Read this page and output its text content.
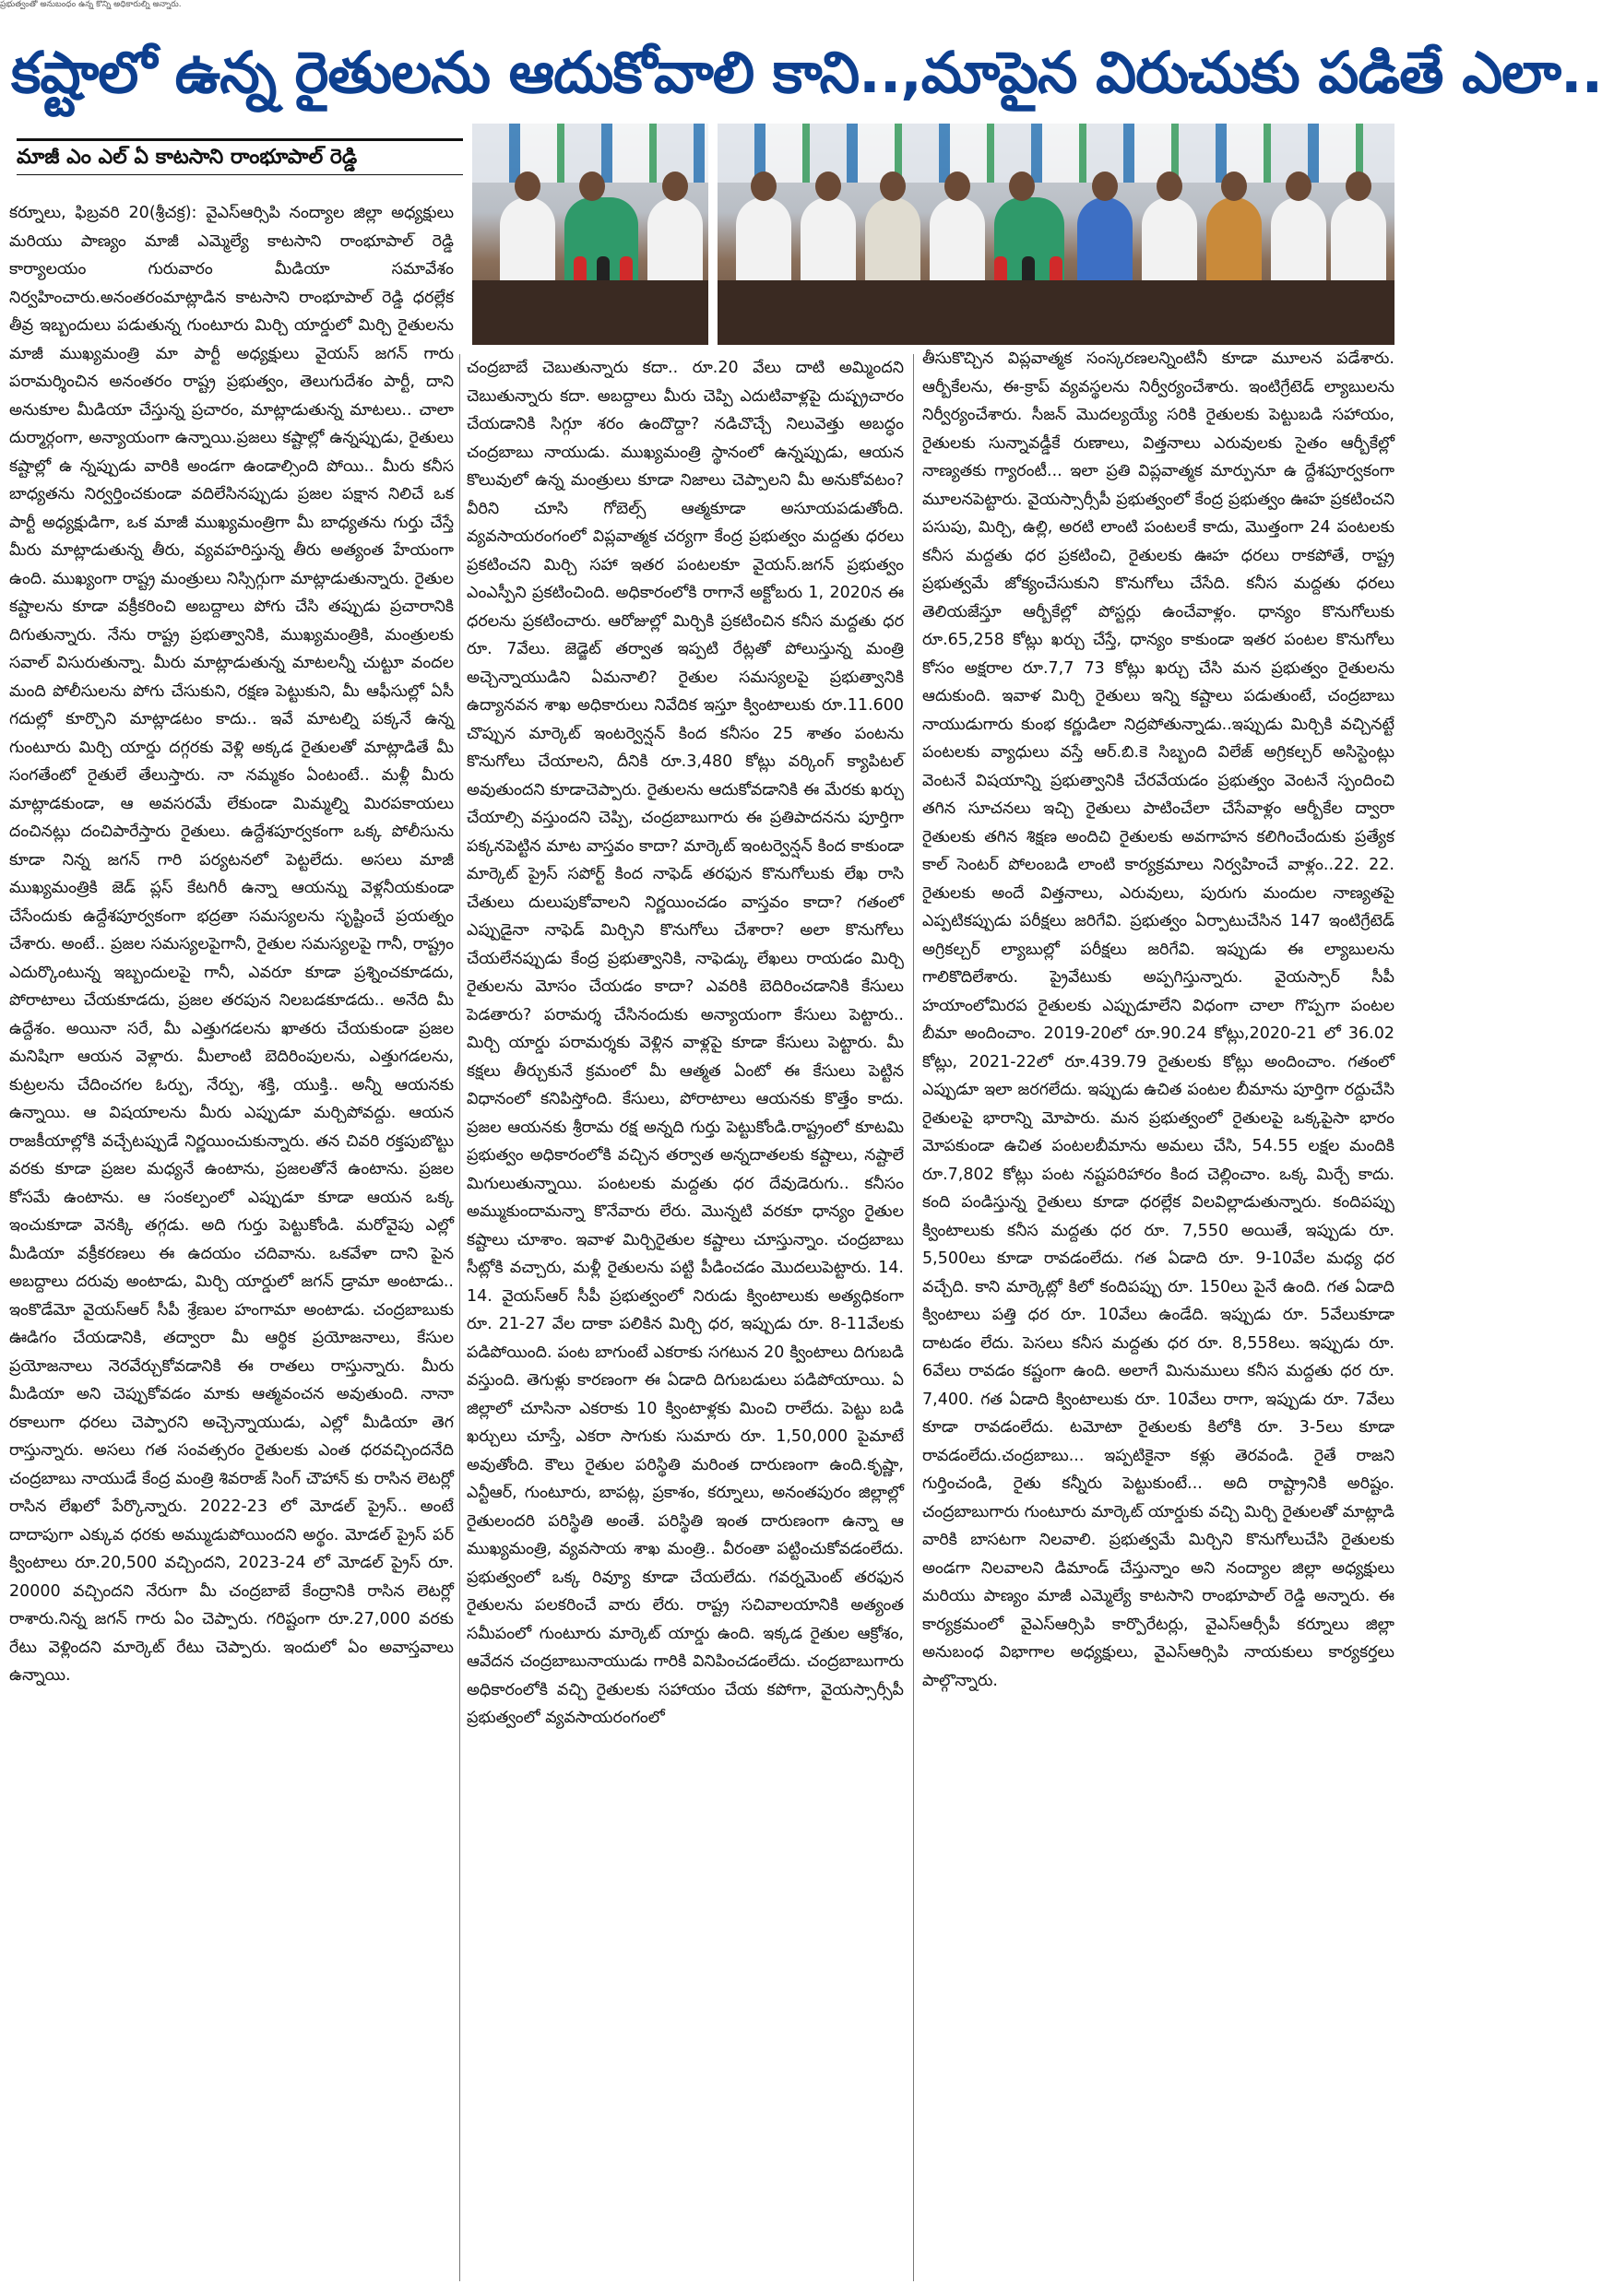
ప్రభుత్వంతో అనుబంధం ఉన్న కొన్ని అధికారుల్ని అన్నారు.
కష్టాలో ఉన్న రైతులను ఆదుకోవాలి కాని..,మాపైన విరుచుకు పడితే ఎలా..
మాజీ ఎం ఎల్ ఏ కాటసాని రాంభూపాల్ రెడ్డి

కర్నూలు, ఫిబ్రవరి 20(శ్రీచక్ర): వైఎస్ఆర్సిపి నంద్యాల జిల్లా అధ్యక్షులు మరియు పాణ్యం మాజీ ఎమ్మెల్యే కాటసాని రాంభూపాల్ రెడ్డి కార్యాలయం గురువారం మీడియా సమావేశం నిర్వహించారు.అనంతరంమాట్లాడిన కాటసాని రాంభూపాల్ రెడ్డి ధరల్లేక తీవ్ర ఇబ్బందులు పడుతున్న గుంటూరు మిర్చి యార్డులో మిర్చి రైతులను మాజీ ముఖ్యమంత్రి మా పార్టీ అధ్యక్షులు వైయస్ జగన్ గారు పరామర్శించిన అనంతరం రాష్ట్ర ప్రభుత్వం, తెలుగుదేశం పార్టీ, దాని అనుకూల మీడియా చేస్తున్న ప్రచారం, మాట్లాడుతున్న మాటలు.. చాలా దుర్మార్గంగా, అన్యాయంగా ఉన్నాయి.ప్రజలు కష్టాల్లో ఉన్నప్పుడు, రైతులు కష్టాల్లో ఉ న్నప్పుడు వారికి అండగా ఉండాల్సింది పోయి.. మీరు కనీస బాధ్యతను నిర్వర్తించకుండా వదిలేసినప్పుడు ప్రజల పక్షాన నిలిచే ఒక పార్టీ అధ్యక్షుడిగా, ఒక మాజీ ముఖ్యమంత్రిగా మీ బాధ్యతను గుర్తు చేస్తే మీరు మాట్లాడుతున్న తీరు, వ్యవహరిస్తున్న తీరు అత్యంత హేయంగా ఉంది. ముఖ్యంగా రాష్ట్ర మంత్రులు నిస్సిగ్గుగా మాట్లాడుతున్నారు. రైతుల కష్టాలను కూడా వక్రీకరించి అబద్దాలు పోగు చేసి తప్పుడు ప్రచారానికి దిగుతున్నారు. నేను రాష్ట్ర ప్రభుత్వానికి, ముఖ్యమంత్రికి, మంత్రులకు సవాల్ విసురుతున్నా. మీరు మాట్లాడుతున్న మాటలన్నీ చుట్టూ వందల మంది పోలీసులను పోగు చేసుకుని, రక్షణ పెట్టుకుని, మీ ఆఫీసుల్లో ఏసీ గదుల్లో కూర్చొని మాట్లాడటం కాదు.. ఇవే మాటల్ని పక్కనే ఉన్న గుంటూరు మిర్చి యార్డు దగ్గరకు వెళ్లి అక్కడ రైతులతో మాట్లాడితే మీ సంగతేంటో రైతులే తేలుస్తారు. నా నమ్మకం ఏంటంటే.. మళ్లీ మీరు మాట్లాడకుండా, ఆ అవసరమే లేకుండా మిమ్మల్ని మిరపకాయలు దంచినట్లు దంచిపారేస్తారు రైతులు. ఉద్దేశపూర్వకంగా ఒక్క పోలీసును కూడా నిన్న జగన్ గారి పర్యటనలో పెట్టలేదు. అసలు మాజీ ముఖ్యమంత్రికి జెడ్ ప్లస్ కేటగిరీ ఉన్నా ఆయన్ను వెళ్లనీయకుండా చేసేందుకు ఉద్దేశపూర్వకంగా భద్రతా సమస్యలను సృష్టించే ప్రయత్నం చేశారు. అంటే.. ప్రజల సమస్యలపైగానీ, రైతుల సమస్యలపై గానీ, రాష్ట్రం ఎదుర్కొంటున్న ఇబ్బందులపై గానీ, ఎవరూ కూడా ప్రశ్నించకూడదు, పోరాటాలు చేయకూడదు, ప్రజల తరపున నిలబడకూడదు.. అనేది మీ ఉద్దేశం. అయినా సరే, మీ ఎత్తుగడలను ఖాతరు చేయకుండా ప్రజల మనిషిగా ఆయన వెళ్లారు. మీలాంటి బెదిరింపులను, ఎత్తుగడలను, కుట్రలను చేదించగల ఓర్పు, నేర్పు, శక్తి, యుక్తి.. అన్నీ ఆయనకు ఉన్నాయి. ఆ విషయాలను మీరు ఎప్పుడూ మర్చిపోవద్దు. ఆయన రాజకీయాల్లోకి వచ్చేటప్పుడే నిర్ణయించుకున్నారు. తన చివరి రక్తపుబొట్టు వరకు కూడా ప్రజల మధ్యనే ఉంటాను, ప్రజలతోనే ఉంటాను. ప్రజల కోసమే ఉంటాను. ఆ సంకల్పంలో ఎప్పుడూ కూడా ఆయన ఒక్క ఇంచుకూడా వెనక్కి తగ్గడు. అది గుర్తు పెట్టుకోండి. మరోవైపు ఎల్లో మీడియా వక్రీకరణలు ఈ ఉదయం చదివాను. ఒకవేళా దాని పైన అబద్దాలు దరువు అంటాడు, మిర్చి యార్డులో జగన్ డ్రామా అంటాడు.. ఇంకొడేమో వైయస్ఆర్ సీపీ శ్రేణుల హంగామా అంటాడు. చంద్రబాబుకు ఊడిగం చేయడానికి, తద్వారా మీ ఆర్థిక ప్రయోజనాలు, కేసుల ప్రయోజనాలు నెరవేర్చుకోవడానికి ఈ రాతలు రాస్తున్నారు. మీరు మీడియా అని చెప్పుకోవడం మాకు ఆత్మవంచన అవుతుంది. నానా రకాలుగా ధరలు చెప్పారని అచ్చెన్నాయుడు, ఎల్లో మీడియా తెగ రాస్తున్నారు. అసలు గత సంవత్సరం రైతులకు ఎంత ధరవచ్చిందనేది చంద్రబాబు నాయుడే కేంద్ర మంత్రి శివరాజ్ సింగ్ చౌహాన్ కు రాసిన లెటర్లో రాసిన లేఖలో పేర్కొన్నారు. 2022-23 లో మోడల్ ప్రైస్.. అంటే దాదాపుగా ఎక్కువ ధరకు అమ్ముడుపోయిందని అర్థం. మోడల్ ప్రైస్ పర్ క్వింటాలు రూ.20,500 వచ్చిందని, 2023-24 లో మోడల్ ప్రైస్ రూ. 20000 వచ్చిందని నేరుగా మీ చంద్రబాబే కేంద్రానికి రాసిన లెటర్లో రాశారు.నిన్న జగన్ గారు ఏం చెప్పారు. గరిష్టంగా రూ.27,000 వరకు రేటు వెళ్లిందని మార్కెట్ రేటు చెప్పారు. ఇందులో ఏం అవాస్తవాలు ఉన్నాయి.

చంద్రబాబే చెబుతున్నారు కదా.. రూ.20 వేలు దాటి అమ్మిందని చెబుతున్నారు కదా. అబద్దాలు మీరు చెప్పి ఎదుటివాళ్లపై దుష్ప్రచారం చేయడానికి సిగ్గూ శరం ఉందొద్దా? నడిచొచ్చే నిలువెత్తు అబద్ధం చంద్రబాబు నాయుడు. ముఖ్యమంత్రి స్థానంలో ఉన్నప్పుడు, ఆయన కొలువులో ఉన్న మంత్రులు కూడా నిజాలు చెప్పాలని మీ అనుకోవటం? వీరిని చూసి గోబెల్స్ ఆత్మకూడా అసూయపడుతోంది. వ్యవసాయరంగంలో విప్లవాత్మక చర్యగా కేంద్ర ప్రభుత్వం మద్దతు ధరలు ప్రకటించని మిర్చి సహా ఇతర పంటలకూ వైయస్.జగన్ ప్రభుత్వం ఎంఎస్పీని ప్రకటించింది. అధికారంలోకి రాగానే అక్టోబరు 1, 2020న ఈ ధరలను ప్రకటించారు. ఆరోజుల్లో మిర్చికి ప్రకటించిన కనీస మద్దతు ధర రూ. 7వేలు. జెడ్జెట్ తర్వాత ఇప్పటి రేట్లతో పోలుస్తున్న మంత్రి అచ్చెన్నాయుడిని ఏమనాలి? రైతుల సమస్యలపై ప్రభుత్వానికి ఉద్యానవన శాఖ అధికారులు నివేదిక ఇస్తూ క్వింటాలుకు రూ.11.600 చొప్పున మార్కెట్ ఇంటర్వెన్షన్ కింద కనీసం 25 శాతం పంటను కొనుగోలు చేయాలని, దీనికి రూ.3,480 కోట్లు వర్కింగ్ క్యాపిటల్ అవుతుందని కూడాచెప్పారు. రైతులను ఆదుకోవడానికి ఈ మేరకు ఖర్చు చేయాల్సి వస్తుందని చెప్పి, చంద్రబాబుగారు ఈ ప్రతిపాదనను పూర్తిగా పక్కనపెట్టిన మాట వాస్తవం కాదా? మార్కెట్ ఇంటర్వెన్షన్ కింద కాకుండా మార్కెట్ ప్రైస్ సపోర్ట్ కింద నాఫెడ్ తరఫున కొనుగోలుకు లేఖ రాసి చేతులు దులుపుకోవాలని నిర్ణయించడం వాస్తవం కాదా? గతంలో ఎప్పుడైనా నాఫెడ్ మిర్చిని కొనుగోలు చేశారా? అలా కొనుగోలు చేయలేనప్పుడు కేంద్ర ప్రభుత్వానికి, నాఫెడ్కు లేఖలు రాయడం మిర్చి రైతులను మోసం చేయడం కాదా? ఎవరికి బెదిరించడానికి కేసులు పెడతారు? పరామర్శ చేసినందుకు అన్యాయంగా కేసులు పెట్టారు.. మిర్చి యార్డు పరామర్శకు వెళ్లిన వాళ్లపై కూడా కేసులు పెట్టారు. మీ కక్షలు తీర్చుకునే క్రమంలో మీ ఆత్మత ఏంటో ఈ కేసులు పెట్టిన విధానంలో కనిపిస్తోంది. కేసులు, పోరాటాలు ఆయనకు కొత్తేం కాదు. ప్రజల ఆయనకు శ్రీరామ రక్ష అన్నది గుర్తు పెట్టుకోండి.రాష్ట్రంలో కూటమి ప్రభుత్వం అధికారంలోకి వచ్చిన తర్వాత అన్నదాతలకు కష్టాలు, నష్టాలే మిగులుతున్నాయి. పంటలకు మద్దతు ధర దేవుడెరుగు.. కనీసం అమ్ముకుందామన్నా కొనేవారు లేరు. మొన్నటి వరకూ ధాన్యం రైతుల కష్టాలు చూశాం. ఇవాళ మిర్చిరైతుల కష్టాలు చూస్తున్నాం. చంద్రబాబు సీట్లోకి వచ్చారు, మళ్లీ రైతులను పట్టి పీడించడం మొదలుపెట్టారు. 14. 14. వైయస్ఆర్ సీపీ ప్రభుత్వంలో నిరుడు క్వింటాలుకు అత్యధికంగా రూ. 21-27 వేల దాకా పలికిన మిర్చి ధర, ఇప్పుడు రూ. 8-11వేలకు పడిపోయింది. పంట బాగుంటే ఎకరాకు సగటున 20 క్వింటాలు దిగుబడి వస్తుంది. తెగుళ్లు కారణంగా ఈ ఏడాది దిగుబడులు పడిపోయాయి. ఏ జిల్లాలో చూసినా ఎకరాకు 10 క్వింటాళ్లకు మించి రాలేదు. పెట్టు బడి ఖర్చులు చూస్తే, ఎకరా సాగుకు సుమారు రూ. 1,50,000 పైమాటే అవుతోంది. కౌలు రైతుల పరిస్థితి మరింత దారుణంగా ఉంది.కృష్ణా, ఎన్టీఆర్, గుంటూరు, బాపట్ల, ప్రకాశం, కర్నూలు, అనంతపురం జిల్లాల్లో రైతులందరి పరిస్థితి అంతే. పరిస్థితి ఇంత దారుణంగా ఉన్నా ఆ ముఖ్యమంత్రి, వ్యవసాయ శాఖ మంత్రి.. వీరంతా పట్టించుకోవడంలేదు. ప్రభుత్వంలో ఒక్క రివ్యూ కూడా చేయలేదు. గవర్నమెంట్ తరఫున రైతులను పలకరించే వారు లేరు. రాష్ట్ర సచివాలయానికి అత్యంత సమీపంలో గుంటూరు మార్కెట్ యార్డు ఉంది. ఇక్కడ రైతుల ఆక్రోశం, ఆవేదన చంద్రబాబునాయుడు గారికి వినిపించడంలేదు. చంద్రబాబుగారు అధికారంలోకి వచ్చి రైతులకు సహాయం చేయ కపోగా, వైయస్సార్సీపీ ప్రభుత్వంలో వ్యవసాయరంగంలో

తీసుకొచ్చిన విప్లవాత్మక సంస్కరణలన్నింటినీ కూడా మూలన పడేశారు. ఆర్బీకేలను, ఈ-క్రాప్ వ్యవస్థలను నిర్వీర్యంచేశారు. ఇంటిగ్రేటెడ్ ల్యాబులను నిర్వీర్యంచేశారు. సీజన్ మొదల్యయ్యే సరికి రైతులకు పెట్టుబడి సహాయం, రైతులకు సున్నావడ్డీకే రుణాలు, విత్తనాలు ఎరువులకు సైతం ఆర్బీకేల్లో నాణ్యతకు గ్యారంటీ... ఇలా ప్రతి విప్లవాత్మక మార్పునూ ఉ ద్దేశపూర్వకంగా మూలనపెట్టారు. వైయస్సార్సీపీ ప్రభుత్వంలో కేంద్ర ప్రభుత్వం ఊహ ప్రకటించని పసుపు, మిర్చి, ఉల్లి, అరటి లాంటి పంటలకే కాదు, మొత్తంగా 24 పంటలకు కనీస మద్దతు ధర ప్రకటించి, రైతులకు ఊహ ధరలు రాకపోతే, రాష్ట్ర ప్రభుత్వమే జోక్యంచేసుకుని కొనుగోలు చేసేది. కనీస మద్దతు ధరలు తెలియజేస్తూ ఆర్బీకేల్లో పోస్టర్లు ఉంచేవాళ్లం. ధాన్యం కొనుగోలుకు రూ.65,258 కోట్లు ఖర్చు చేస్తే, ధాన్యం కాకుండా ఇతర పంటల కొనుగోలు కోసం అక్షరాల రూ.7,7 73 కోట్లు ఖర్చు చేసి మన ప్రభుత్వం రైతులను ఆదుకుంది. ఇవాళ మిర్చి రైతులు ఇన్ని కష్టాలు పడుతుంటే, చంద్రబాబు నాయుడుగారు కుంభ కర్ణుడిలా నిద్రపోతున్నాడు..ఇప్పుడు మిర్చికి వచ్చినట్టే పంటలకు వ్యాధులు వస్తే ఆర్.బి.కె సిబ్బంది విలేజ్ అగ్రికల్చర్ అసిస్టెంట్లు వెంటనే విషయాన్ని ప్రభుత్వానికి చేరవేయడం ప్రభుత్వం వెంటనే స్పందించి తగిన సూచనలు ఇచ్చి రైతులు పాటించేలా చేసేవాళ్లం ఆర్బీకేల ద్వారా రైతులకు తగిన శిక్షణ అందిచి రైతులకు అవగాహన కలిగించేందుకు ప్రత్యేక కాల్ సెంటర్ పోలంబడి లాంటి కార్యక్రమాలు నిర్వహించే వాళ్లం..22. 22. రైతులకు అందే విత్తనాలు, ఎరువులు, పురుగు మందుల నాణ్యతపై ఎప్పటికప్పుడు పరీక్షలు జరిగేవి. ప్రభుత్వం ఏర్పాటుచేసిన 147 ఇంటిగ్రేటెడ్ అగ్రికల్చర్ ల్యాబుల్లో పరీక్షలు జరిగేవి. ఇప్పుడు ఈ ల్యాబులను గాలికొదిలేశారు. ప్రైవేటుకు అప్పగిస్తున్నారు. వైయస్సార్ సీపీ హయాంలోమిరప రైతులకు ఎప్పుడూలేని విధంగా చాలా గొప్పగా పంటల బీమా అందించాం. 2019-20లో రూ.90.24 కోట్లు,2020-21 లో 36.02 కోట్లు, 2021-22లో రూ.439.79 రైతులకు కోట్లు అందించాం. గతంలో ఎప్పుడూ ఇలా జరగలేదు. ఇప్పుడు ఉచిత పంటల బీమాను పూర్తిగా రద్దుచేసి రైతులపై భారాన్ని మోపారు. మన ప్రభుత్వంలో రైతులపై ఒక్కపైసా భారం మోపకుండా ఉచిత పంటలబీమాను అమలు చేసి, 54.55 లక్షల మందికి రూ.7,802 కోట్లు పంట నష్టపరిహారం కింద చెల్లించాం. ఒక్క మిర్చే కాదు. కంది పండిస్తున్న రైతులు కూడా ధరల్లేక విలవిల్లాడుతున్నారు. కందిపప్పు క్వింటాలుకు కనీస మద్దతు ధర రూ. 7,550 అయితే, ఇప్పుడు రూ. 5,500లు కూడా రావడంలేదు. గత ఏడాది రూ. 9-10వేల మధ్య ధర వచ్చేది. కాని మార్కెట్లో కిలో కందిపప్పు రూ. 150లు పైనే ఉంది. గత ఏడాది క్వింటాలు పత్తి ధర రూ. 10వేలు ఉండేది. ఇప్పుడు రూ. 5వేలుకూడా దాటడం లేదు. పెసలు కనీస మద్దతు ధర రూ. 8,558లు. ఇప్పుడు రూ. 6వేలు రావడం కష్టంగా ఉంది. అలాగే మినుములు కనీస మద్దతు ధర రూ. 7,400. గత ఏడాది క్వింటాలుకు రూ. 10వేలు రాగా, ఇప్పుడు రూ. 7వేలు కూడా రావడంలేదు. టమోటా రైతులకు కిలోకి రూ. 3-5లు కూడా రావడంలేదు.చంద్రబాబు... ఇప్పటికైనా కళ్లు తెరవండి. రైతే రాజని గుర్తించండి, రైతు కన్నీరు పెట్టుకుంటే... అది రాష్ట్రానికి అరిష్టం. చంద్రబాబుగారు గుంటూరు మార్కెట్ యార్డుకు వచ్చి మిర్చి రైతులతో మాట్లాడి వారికి బాసటగా నిలవాలి. ప్రభుత్వమే మిర్చిని కొనుగోలుచేసి రైతులకు అండగా నిలవాలని డిమాండ్ చేస్తున్నాం అని నంద్యాల జిల్లా అధ్యక్షులు మరియు పాణ్యం మాజీ ఎమ్మెల్యే కాటసాని రాంభూపాల్ రెడ్డి అన్నారు. ఈ కార్యక్రమంలో వైఎస్ఆర్సిపి కార్పొరేటర్లు, వైఎస్ఆర్సీపీ కర్నూలు జిల్లా అనుబంధ విభాగాల అధ్యక్షులు, వైఎస్ఆర్సిపి నాయకులు కార్యకర్తలు పాల్గొన్నారు.
